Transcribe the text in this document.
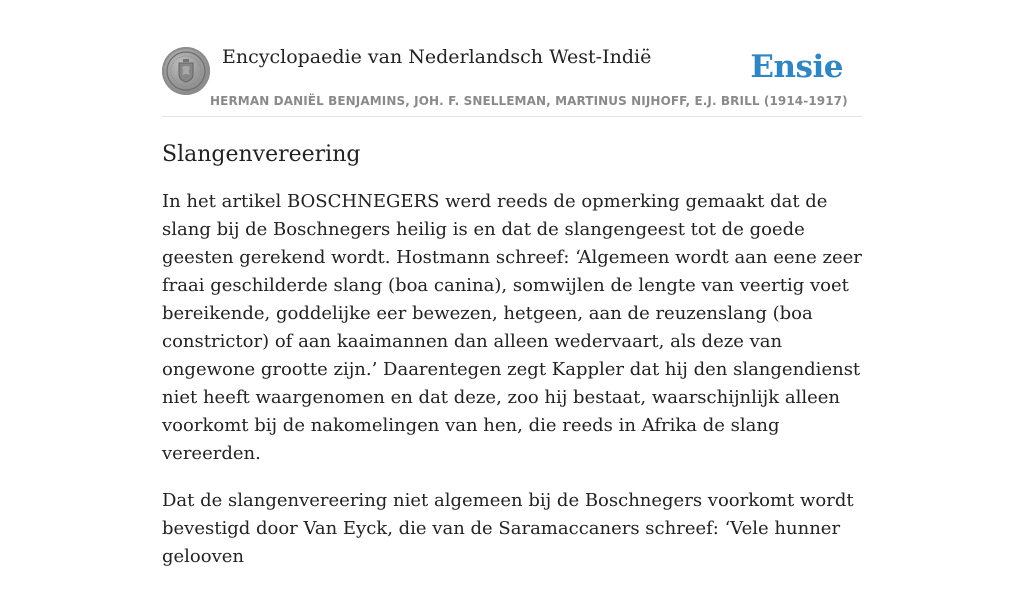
Encyclopaedie van Nederlandsch West-Indië	Ensie
HERMAN DANIËL BENJAMINS, JOH. F. SNELLEMAN, MARTINUS NIJHOFF, E.J. BRILL (1914-1917)
Slangenvereering

In het artikel BOSCHNEGERS werd reeds de opmerking gemaakt dat de slang bij de Boschnegers heilig is en dat de slangengeest tot de goede geesten gerekend wordt. Hostmann schreef: ‘Algemeen wordt aan eene zeer fraai geschilderde slang (boa canina), somwijlen de lengte van veertig voet bereikende, goddelijke eer bewezen, hetgeen, aan de reuzenslang (boa constrictor) of aan kaaimannen dan alleen wedervaart, als deze van ongewone grootte zijn.’ Daarentegen zegt Kappler dat hij den slangendienst niet heeft waargenomen en dat deze, zoo hij bestaat, waarschijnlijk alleen voorkomt bij de nakomelingen van hen, die reeds in Afrika de slang vereerden.

Dat de slangenvereering niet algemeen bij de Boschnegers voorkomt wordt bevestigd door Van Eyck, die van de Saramaccaners schreef: ‘Vele hunner gelooven
